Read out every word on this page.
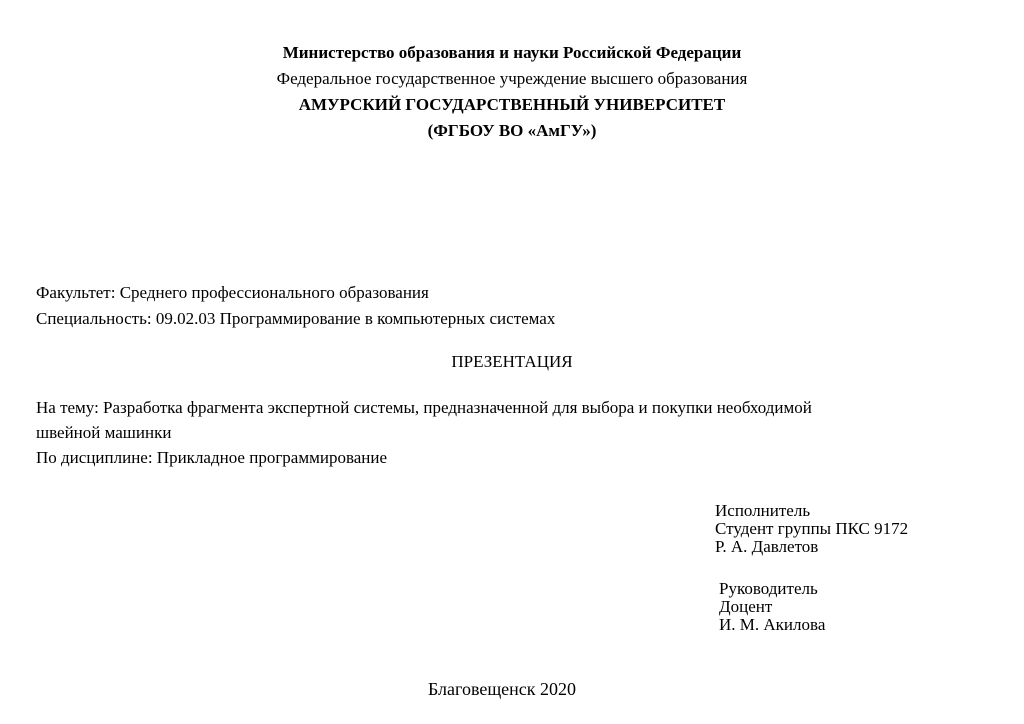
Министерство образования и науки Российской Федерации
Федеральное государственное учреждение высшего образования
АМУРСКИЙ ГОСУДАРСТВЕННЫЙ УНИВЕРСИТЕТ
(ФГБОУ ВО «АмГУ»)
Факультет: Среднего профессионального образования
Специальность: 09.02.03 Программирование в компьютерных системах
ПРЕЗЕНТАЦИЯ
На тему: Разработка фрагмента экспертной системы, предназначенной для выбора и покупки необходимой
швейной машинки
По дисциплине: Прикладное программирование
Исполнитель
Студент группы ПКС 9172
Р. А. Давлетов
Руководитель
Доцент
И. М. Акилова
Благовещенск 2020
